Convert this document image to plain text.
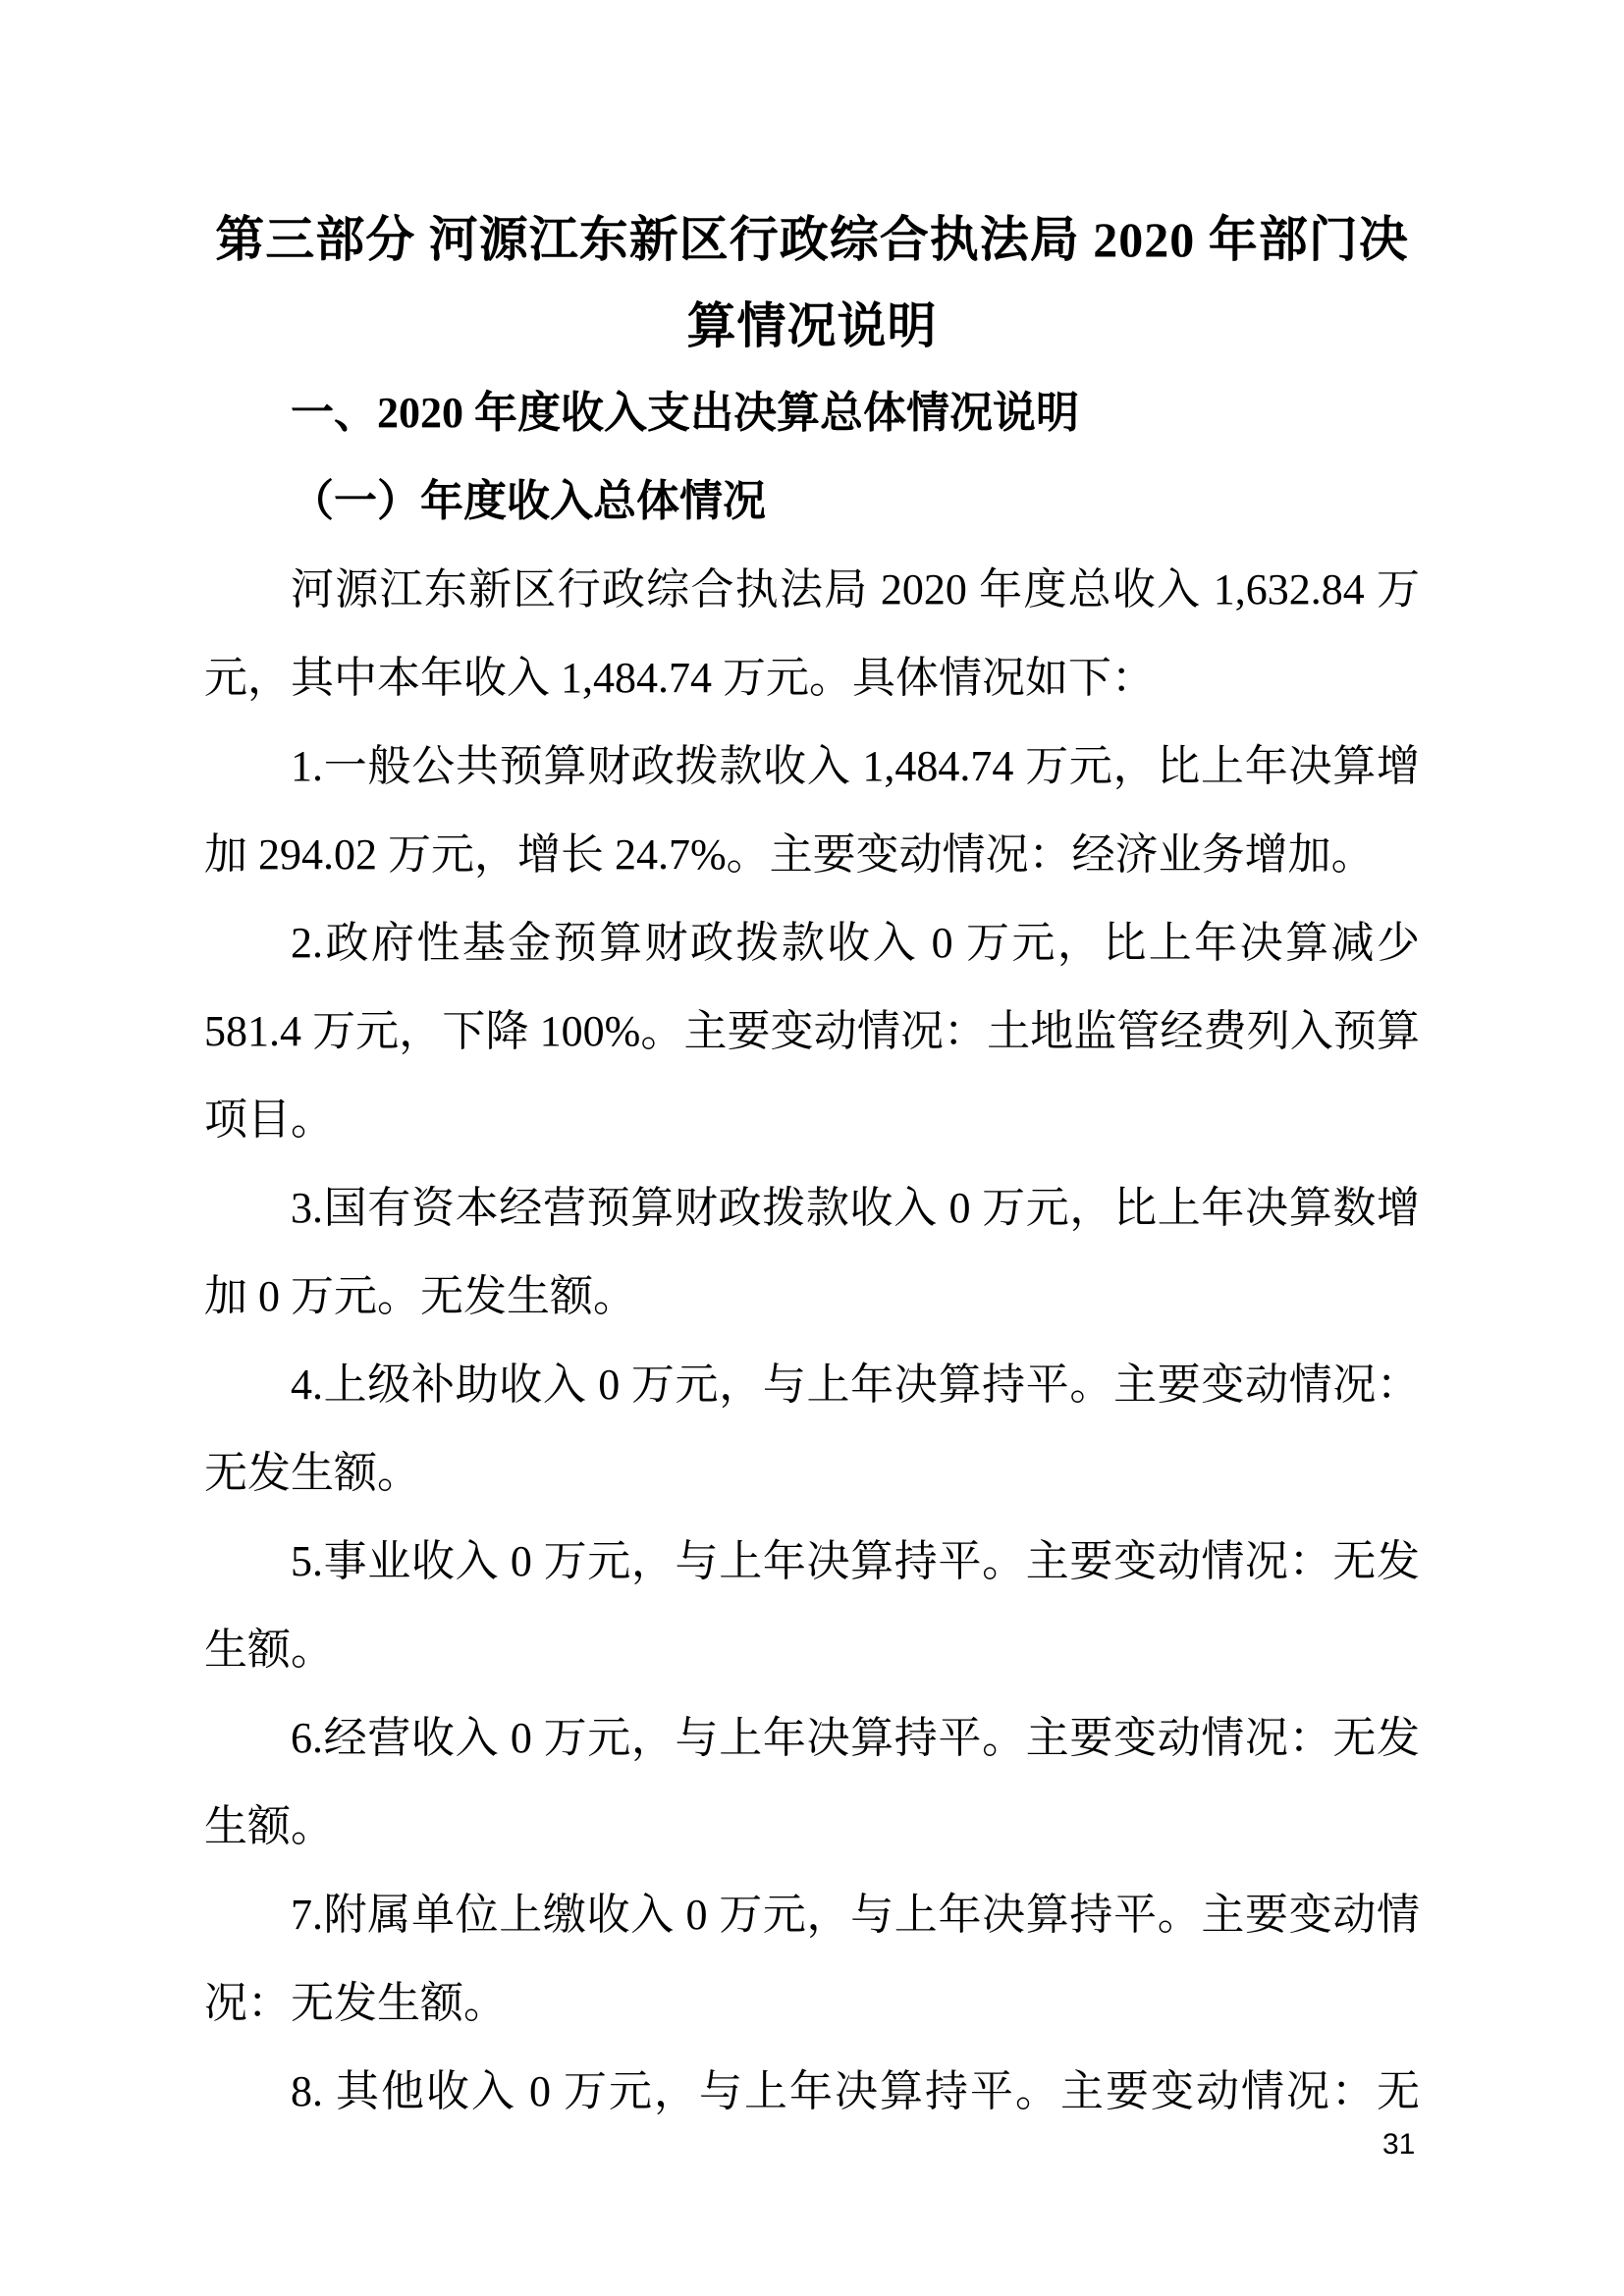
第三部分 河源江东新区行政综合执法局 2020 年部门决
算情况说明
一、2020 年度收入支出决算总体情况说明
（一）年度收入总体情况

河源江东新区行政综合执法局 2020 年度总收入 1,632.84 万元，其中本年收入 1,484.74 万元。具体情况如下：

1.一般公共预算财政拨款收入 1,484.74 万元，比上年决算增加 294.02 万元，增长 24.7%。主要变动情况：经济业务增加。

2.政府性基金预算财政拨款收入 0 万元，比上年决算减少 581.4 万元，下降 100%。主要变动情况：土地监管经费列入预算项目。

3.国有资本经营预算财政拨款收入 0 万元，比上年决算数增加 0 万元。无发生额。

4.上级补助收入 0 万元，与上年决算持平。主要变动情况：无发生额。

5.事业收入 0 万元，与上年决算持平。主要变动情况：无发生额。

6.经营收入 0 万元，与上年决算持平。主要变动情况：无发生额。

7.附属单位上缴收入 0 万元，与上年决算持平。主要变动情况：无发生额。

8. 其他收入 0 万元，与上年决算持平。主要变动情况：无

31
